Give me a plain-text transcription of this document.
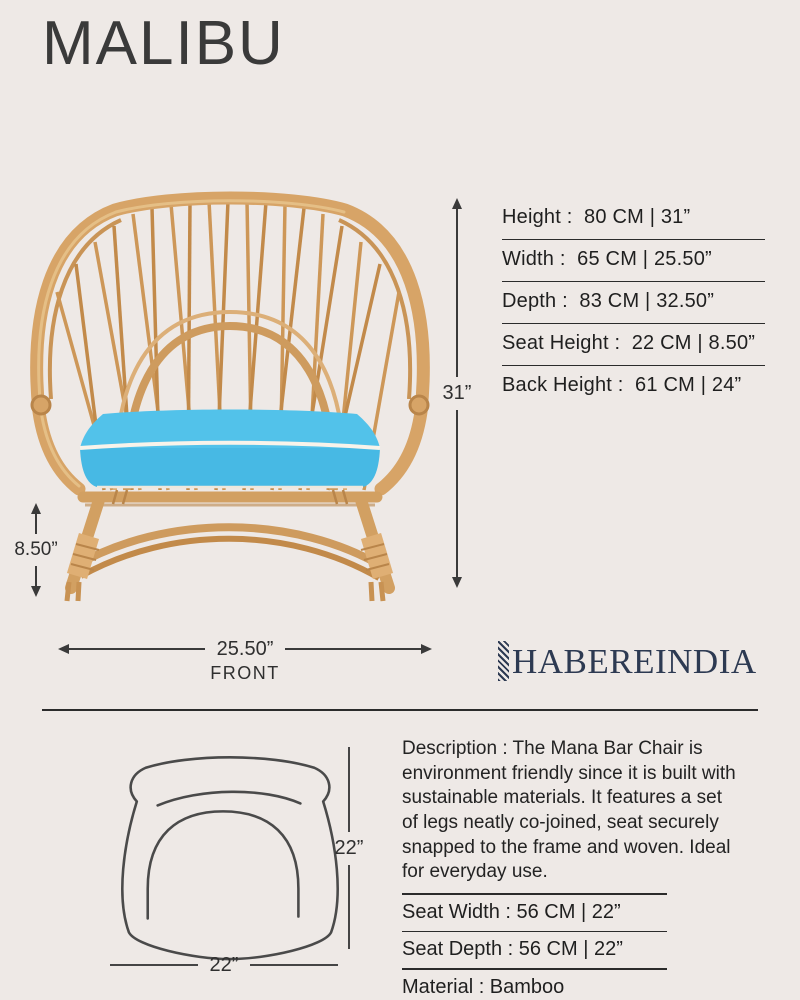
MALIBU
31”
8.50”
25.50”
FRONT
Height :  80 CM | 31”
Width :  65 CM | 25.50”
Depth :  83 CM | 32.50”
Seat Height :  22 CM | 8.50”
Back Height :  61 CM | 24”
HABEREINDIA
22”
22”

Description : The Mana Bar Chair is environment friendly since it is built with sustainable materials. It features a set of legs neatly co-joined, seat securely snapped to the frame and woven. Ideal for everyday use.

Seat Width : 56 CM | 22”
Seat Depth : 56 CM | 22”
Material : Bamboo
